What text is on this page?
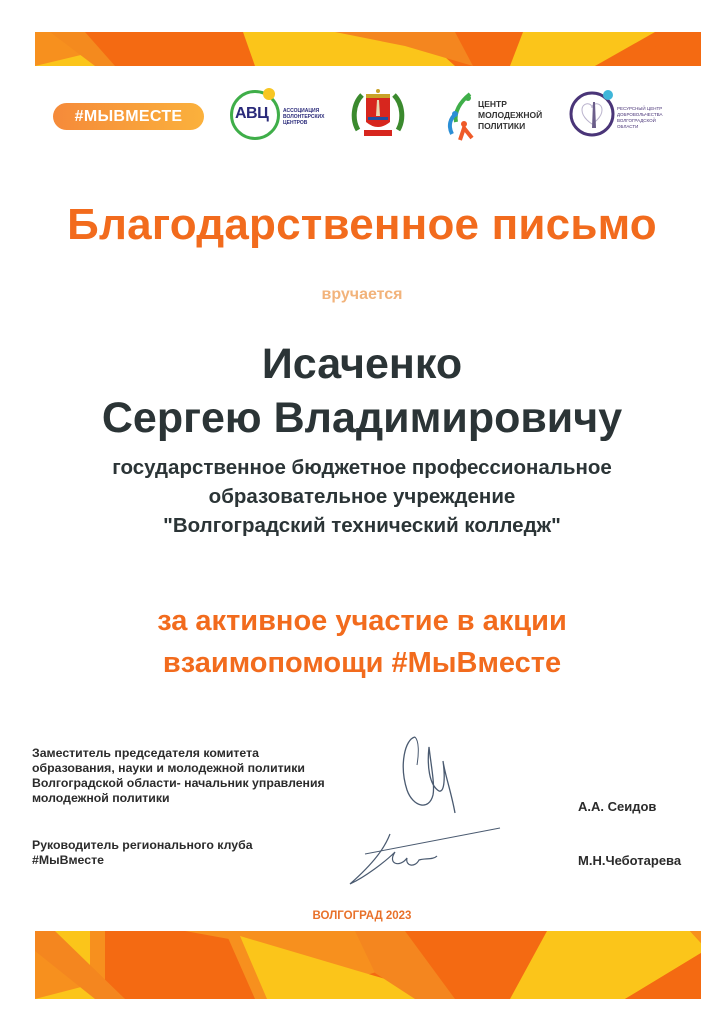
#МЫВМЕСТЕ	АВЦ	АССОЦИАЦИЯ ВОЛОНТЕРСКИХ ЦЕНТРОВ
ЦЕНТР
МОЛОДЕЖНОЙ
ПОЛИТИКИ
РЕСУРСНЫЙ ЦЕНТР ДОБРОВОЛЬЧЕСТВА ВОЛГОГРАДСКОЙ ОБЛАСТИ
Благодарственное письмо
вручается
Исаченко
Сергею Владимировичу
государственное бюджетное профессиональное
образовательное учреждение
"Волгоградский технический колледж"
за активное участие в акции
взаимопомощи #МыВместе
Заместитель председателя комитета
образования, науки и молодежной политики
Волгоградской области- начальник управления
молодежной политики
А.А. Сеидов
Руководитель регионального клуба
#МыВместе	М.Н.Чеботарева
ВОЛГОГРАД 2023
